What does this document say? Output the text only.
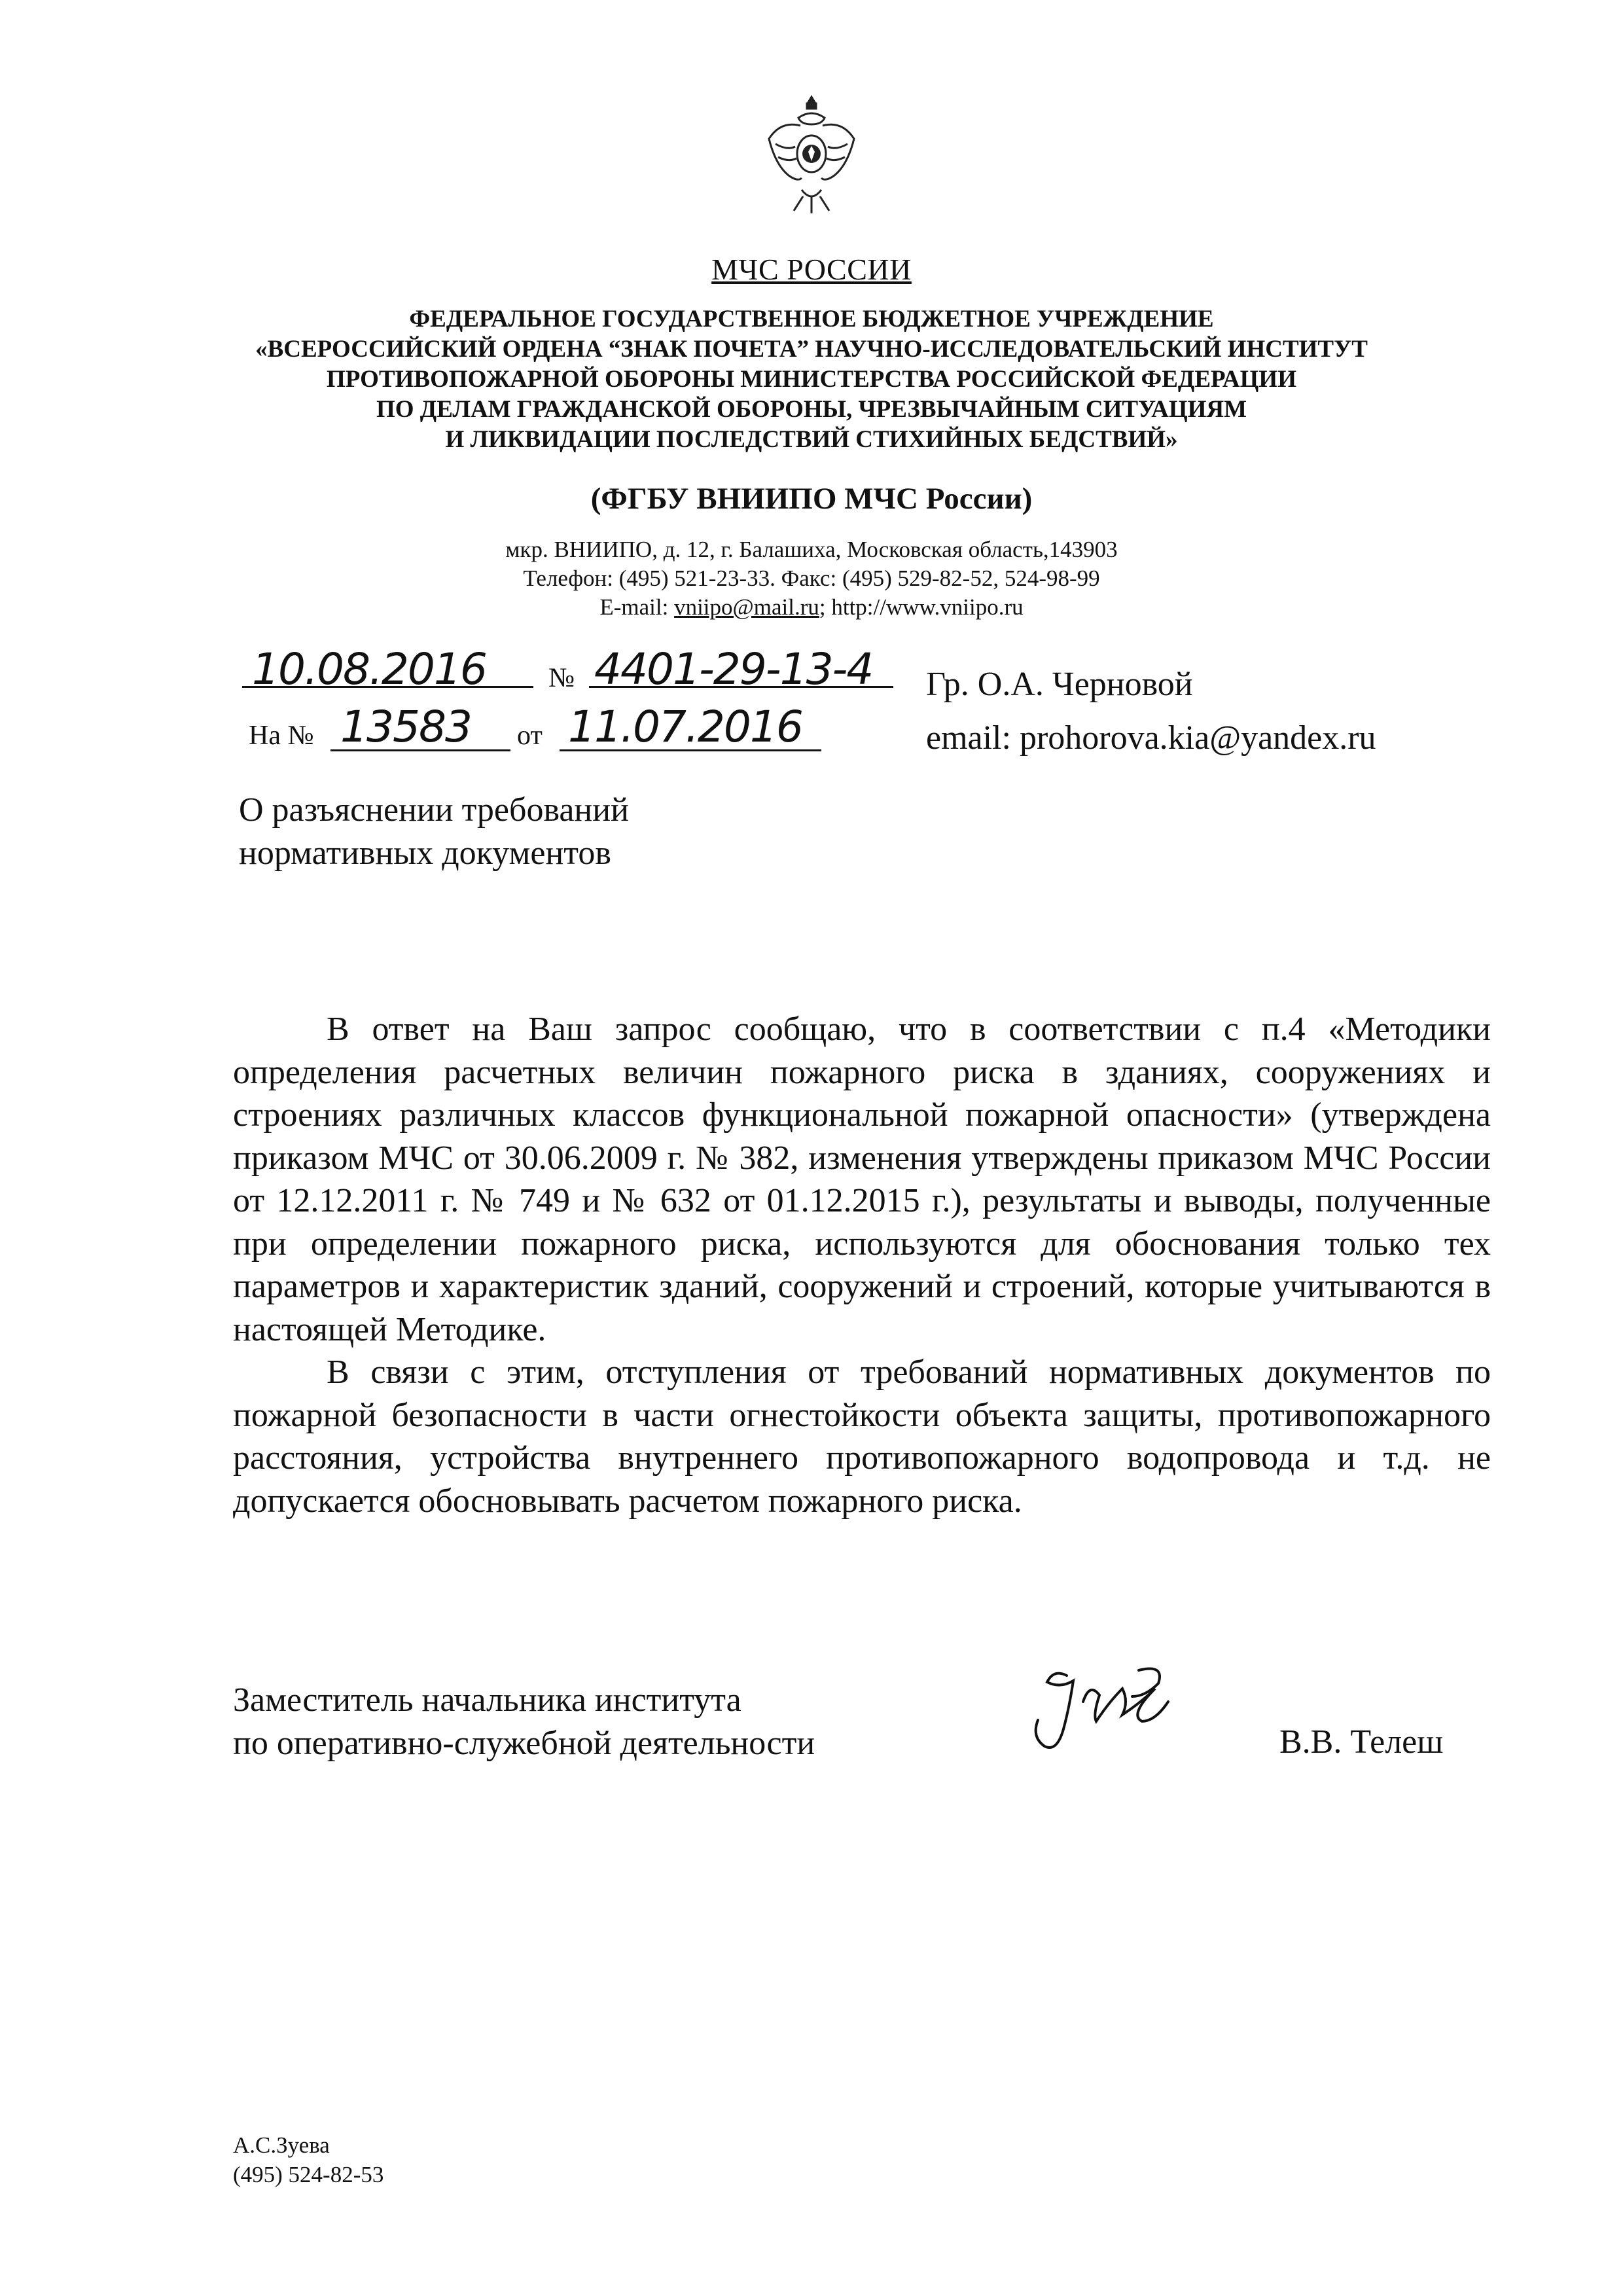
МЧС РОССИИ
ФЕДЕРАЛЬНОЕ ГОСУДАРСТВЕННОЕ БЮДЖЕТНОЕ УЧРЕЖДЕНИЕ
«ВСЕРОССИЙСКИЙ ОРДЕНА “ЗНАК ПОЧЕТА” НАУЧНО-ИССЛЕДОВАТЕЛЬСКИЙ ИНСТИТУТ
ПРОТИВОПОЖАРНОЙ ОБОРОНЫ МИНИСТЕРСТВА РОССИЙСКОЙ ФЕДЕРАЦИИ
ПО ДЕЛАМ ГРАЖДАНСКОЙ ОБОРОНЫ, ЧРЕЗВЫЧАЙНЫМ СИТУАЦИЯМ
И ЛИКВИДАЦИИ ПОСЛЕДСТВИЙ СТИХИЙНЫХ БЕДСТВИЙ»
(ФГБУ ВНИИПО МЧС России)
мкр. ВНИИПО, д. 12, г. Балашиха, Московская область,143903
Телефон: (495) 521-23-33. Факс: (495) 529-82-52, 524-98-99
E-mail: vniipo@mail.ru; http://www.vniipo.ru
10.08.2016 № 4401-29-13-4
На № 13583 от 11.07.2016
Гр. О.А. Черновой
email: prohorova.kia@yandex.ru
О разъяснении требований
нормативных документов

В ответ на Ваш запрос сообщаю, что в соответствии с п.4 «Методики определения расчетных величин пожарного риска в зданиях, сооружениях и строениях различных классов функциональной пожарной опасности» (утверждена приказом МЧС от 30.06.2009 г. № 382, изменения утверждены приказом МЧС России от 12.12.2011 г. № 749 и № 632 от 01.12.2015 г.), результаты и выводы, полученные при определении пожарного риска, используются для обоснования только тех параметров и характеристик зданий, сооружений и строений, которые учитываются в настоящей Методике.

В связи с этим, отступления от требований нормативных документов по пожарной безопасности в части огнестойкости объекта защиты, противопожарного расстояния, устройства внутреннего противопожарного водопровода и т.д. не допускается обосновывать расчетом пожарного риска.

Заместитель начальника института
по оперативно-служебной деятельности	В.В. Телеш
А.С.Зуева
(495) 524-82-53
